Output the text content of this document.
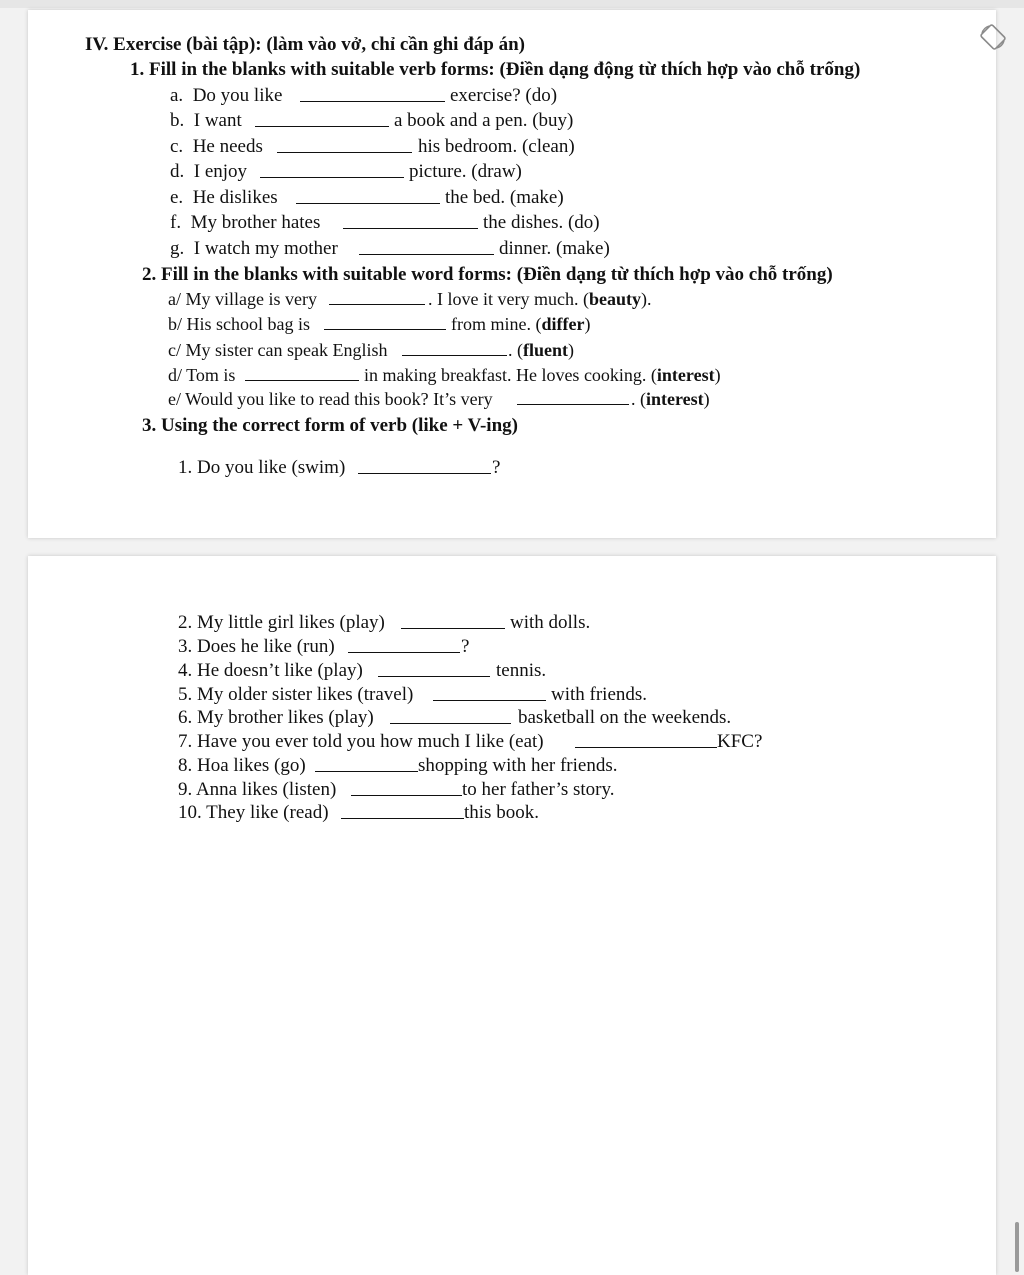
IV. Exercise (bài tập): (làm vào vở, chỉ cần ghi đáp án)
1. Fill in the blanks with suitable verb forms: (Điền dạng động từ thích hợp vào chỗ trống)
a. Do you like	exercise? (do)
b. I want	a book and a pen. (buy)
c. He needs	his bedroom. (clean)
d. I enjoy	picture. (draw)
e. He dislikes	the bed. (make)
f. My brother hates	the dishes. (do)
g. I watch my mother	dinner. (make)
2. Fill in the blanks with suitable word forms: (Điền dạng từ thích hợp vào chỗ trống)
a/ My village is very	. I love it very much. (beauty).
b/ His school bag is	from mine. (differ)
c/ My sister can speak English	. (fluent)
d/ Tom is	in making breakfast. He loves cooking. (interest)
e/ Would you like to read this book? It’s very	. (interest)
3. Using the correct form of verb (like + V-ing)
1. Do you like (swim)	?
2. My little girl likes (play)	with dolls.
3. Does he like (run)	?
4. He doesn’t like (play)	tennis.
5. My older sister likes (travel)	with friends.
6. My brother likes (play)	basketball on the weekends.
7. Have you ever told you how much I like (eat)	KFC?
8. Hoa likes (go)	shopping with her friends.
9. Anna likes (listen)	to her father’s story.
10. They like (read)	this book.
